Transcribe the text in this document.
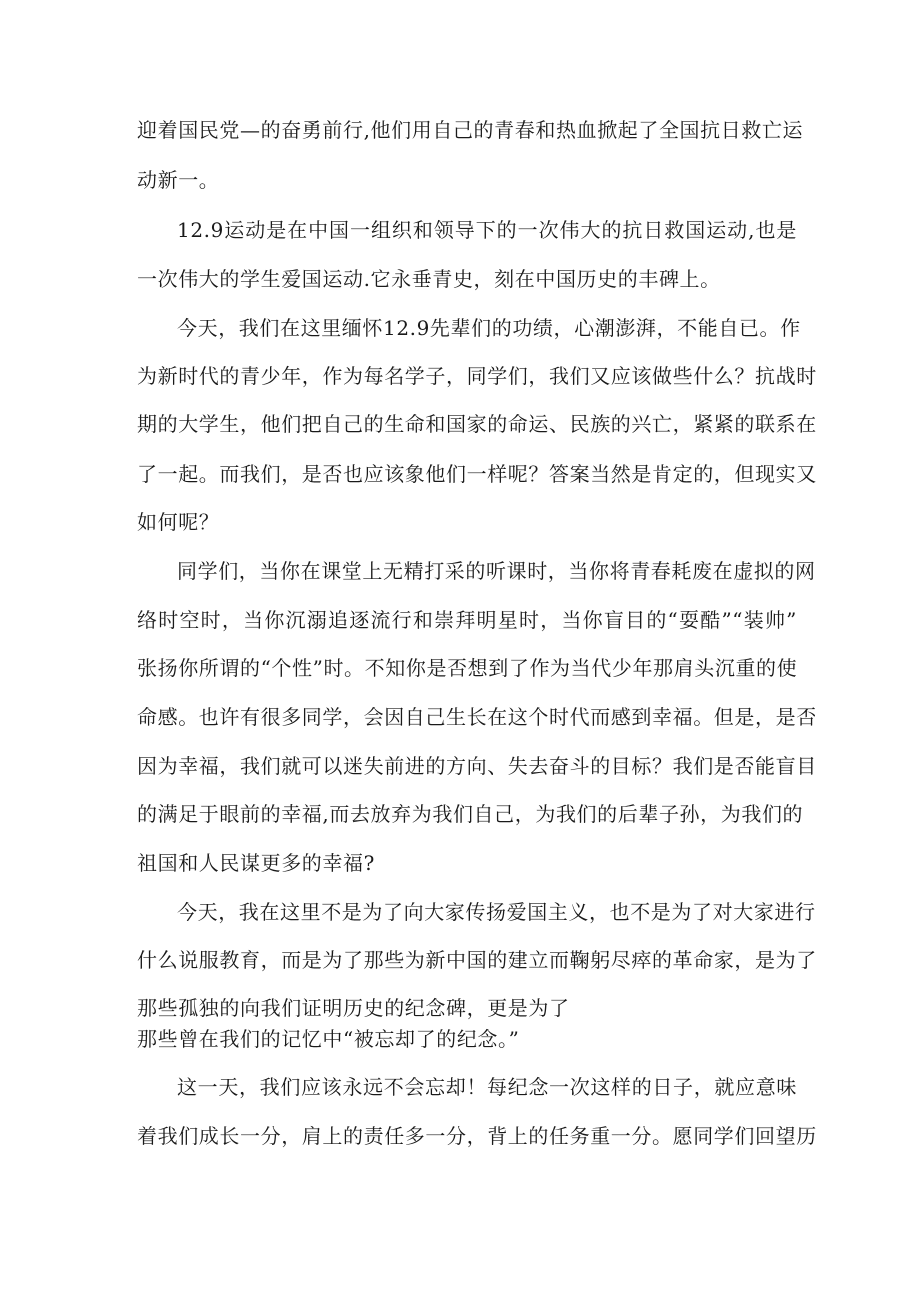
迎着国民党—的奋勇前行,他们用自己的青春和热血掀起了全国抗日救亡运

动新一。

12.9运动是在中国一组织和领导下的一次伟大的抗日救国运动,也是

一次伟大的学生爱国运动.它永垂青史，刻在中国历史的丰碑上。

今天，我们在这里缅怀12.9先辈们的功绩，心潮澎湃，不能自已。作

为新时代的青少年，作为每名学子，同学们，我们又应该做些什么？抗战时

期的大学生，他们把自己的生命和国家的命运、民族的兴亡，紧紧的联系在

了一起。而我们，是否也应该象他们一样呢？答案当然是肯定的，但现实又

如何呢？

同学们，当你在课堂上无精打采的听课时，当你将青春耗废在虚拟的网

络时空时，当你沉溺追逐流行和崇拜明星时，当你盲目的“耍酷”“装帅”

张扬你所谓的“个性”时。不知你是否想到了作为当代少年那肩头沉重的使

命感。也许有很多同学，会因自己生长在这个时代而感到幸福。但是，是否

因为幸福，我们就可以迷失前进的方向、失去奋斗的目标？我们是否能盲目

的满足于眼前的幸福,而去放弃为我们自己，为我们的后辈子孙，为我们的

祖国和人民谋更多的幸福?

今天，我在这里不是为了向大家传扬爱国主义，也不是为了对大家进行

什么说服教育，而是为了那些为新中国的建立而鞠躬尽瘁的革命家，是为了

那些孤独的向我们证明历史的纪念碑，更是为了

那些曾在我们的记忆中“被忘却了的纪念。”

这一天，我们应该永远不会忘却！每纪念一次这样的日子，就应意味

着我们成长一分，肩上的责任多一分，背上的任务重一分。愿同学们回望历
